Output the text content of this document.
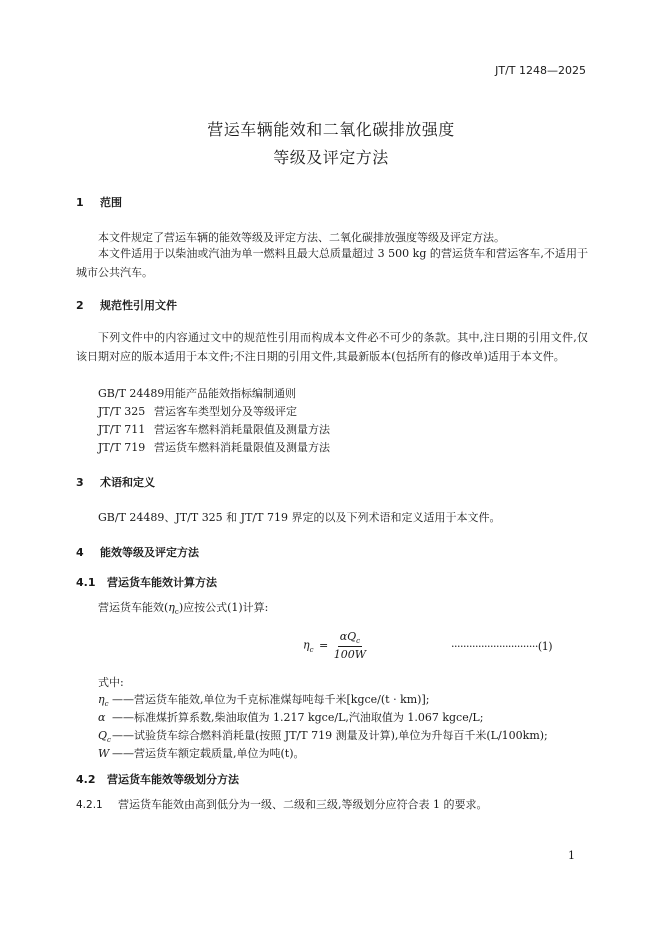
JT/T 1248—2025
营运车辆能效和二氧化碳排放强度
等级及评定方法
1 范围
本文件规定了营运车辆的能效等级及评定方法、二氧化碳排放强度等级及评定方法。
本文件适用于以柴油或汽油为单一燃料且最大总质量超过 3 500 kg 的营运货车和营运客车,不适用于城市公共汽车。
2 规范性引用文件
下列文件中的内容通过文中的规范性引用而构成本文件必不可少的条款。其中,注日期的引用文件,仅该日期对应的版本适用于本文件;不注日期的引用文件,其最新版本(包括所有的修改单)适用于本文件。
GB/T 24489用能产品能效指标编制通则
JT/T 325 营运客车类型划分及等级评定
JT/T 711 营运客车燃料消耗量限值及测量方法
JT/T 719 营运货车燃料消耗量限值及测量方法
3 术语和定义
GB/T 24489、JT/T 325 和 JT/T 719 界定的以及下列术语和定义适用于本文件。
4 能效等级及评定方法
4.1 营运货车能效计算方法
营运货车能效$(\eta_c)$应按公式(1)计算:
$\eta_c = \frac{\alpha Q_c}{100W}$	·····························(1)
式中:
$\eta_c$ ——营运货车能效,单位为千克标准煤每吨每千米[kgce/(t · km)];
α ——标准煤折算系数,柴油取值为 1.217 kgce/L,汽油取值为 1.067 kgce/L;
$Q_c——$试验货车综合燃料消耗量(按照 JT/T 719 测量及计算),单位为升每百千米(L/100km);
W ——营运货车额定载质量,单位为吨(t)。
4.2 营运货车能效等级划分方法
4.2.1 营运货车能效由高到低分为一级、二级和三级,等级划分应符合表 1 的要求。
1
